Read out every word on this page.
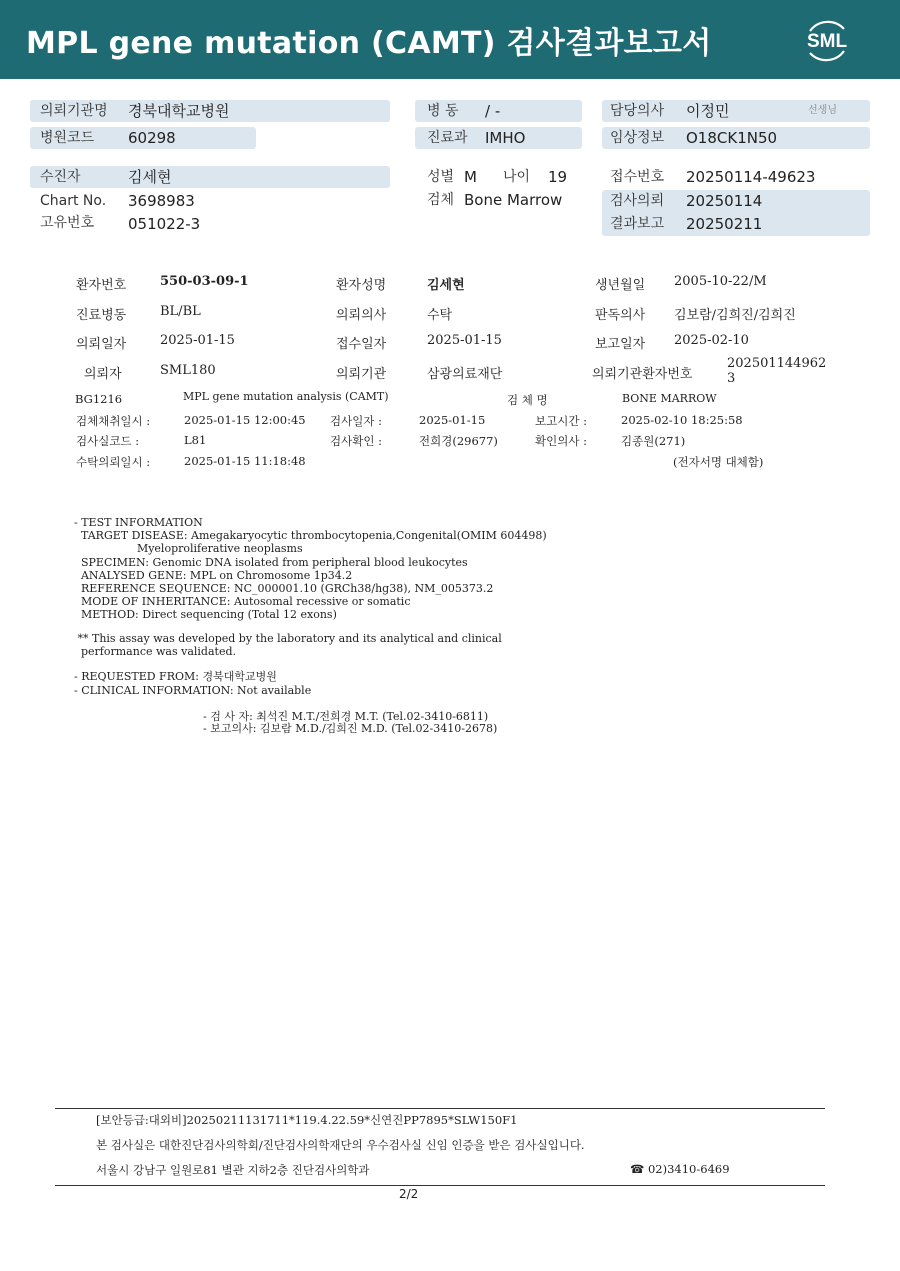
MPL gene mutation (CAMT) 검사결과보고서	SML
의뢰기관명 경북대학교병원
병원코드 60298
병 동 / -
진료과 IMHO
담당의사 이정민	선생님
임상정보 O18CK1N50
수진자	김세현
Chart No. 3698983
고유번호 051022-3
성별 M 나이 19
검체 Bone Marrow
접수번호 20250114-49623
검사의뢰 20250114
결과보고 20250211
환자번호	550-03-09-1	환자성명	김세현	생년월일 2005-10-22/M
진료병동	BL/BL	의뢰의사	수탁	판독의사 김보람/김희진/김희진
의뢰일자	2025-01-15	접수일자	2025-01-15	보고일자 2025-02-10
의뢰자	SML180	의뢰기관	삼광의료재단	의뢰기관환자번호
202501144962
3
BG1216	MPL gene mutation analysis (CAMT)	검 체 명	BONE MARROW
검체채취일시 :	2025-01-15 12:00:45 검사일자 :	2025-01-15	보고시간 :	2025-02-10 18:25:58
검사실코드 :	L81	검사확인 :	전희경(29677)	확인의사 :	김종원(271)
수탁의뢰일시 :	2025-01-15 11:18:48	(전자서명 대체함)
- TEST INFORMATION
TARGET DISEASE: Amegakaryocytic thrombocytopenia,Congenital(OMIM 604498)
Myeloproliferative neoplasms
SPECIMEN: Genomic DNA isolated from peripheral blood leukocytes
ANALYSED GENE: MPL on Chromosome 1p34.2
REFERENCE SEQUENCE: NC_000001.10 (GRCh38/hg38), NM_005373.2
MODE OF INHERITANCE: Autosomal recessive or somatic
METHOD: Direct sequencing (Total 12 exons)
** This assay was developed by the laboratory and its analytical and clinical
performance was validated.
- REQUESTED FROM: 경북대학교병원
- CLINICAL INFORMATION: Not available
- 검 사 자: 최석진 M.T./전희경 M.T. (Tel.02-3410-6811)
- 보고의사: 김보람 M.D./김희진 M.D. (Tel.02-3410-2678)
[보안등급:대외비]20250211131711*119.4.22.59*신연진PP7895*SLW150F1
본 검사실은 대한진단검사의학회/진단검사의학재단의 우수검사실 신임 인증을 받은 검사실입니다.
서울시 강남구 일원로81 별관 지하2층 진단검사의학과	☎ 02)3410-6469
2/2
